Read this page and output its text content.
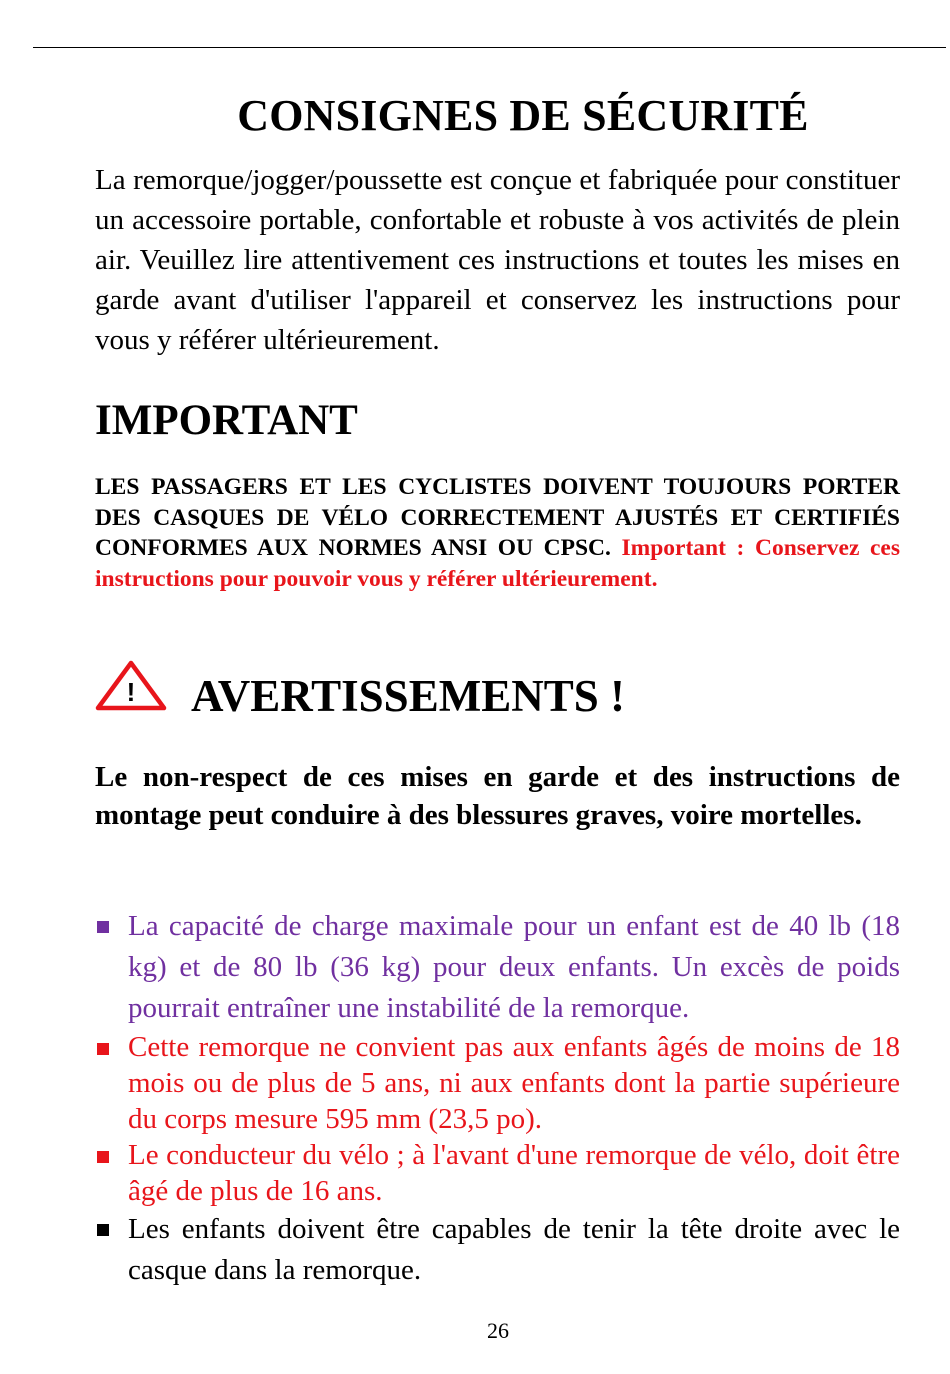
CONSIGNES DE SÉCURITÉ
La remorque/jogger/poussette est conçue et fabriquée pour constituer un accessoire portable, confortable et robuste à vos activités de plein air. Veuillez lire attentivement ces instructions et toutes les mises en garde avant d'utiliser l'appareil et conservez les instructions pour vous y référer ultérieurement.
IMPORTANT
LES PASSAGERS ET LES CYCLISTES DOIVENT TOUJOURS PORTER DES CASQUES DE VÉLO CORRECTEMENT AJUSTÉS ET CERTIFIÉS CONFORMES AUX NORMES ANSI OU CPSC. Important : Conservez ces instructions pour pouvoir vous y référer ultérieurement.
! AVERTISSEMENTS !
Le non-respect de ces mises en garde et des instructions de montage peut conduire à des blessures graves, voire mortelles.
La capacité de charge maximale pour un enfant est de 40 lb (18 kg) et de 80 lb (36 kg) pour deux enfants. Un excès de poids pourrait entraîner une instabilité de la remorque.
Cette remorque ne convient pas aux enfants âgés de moins de 18 mois ou de plus de 5 ans, ni aux enfants dont la partie supérieure du corps mesure 595 mm (23,5 po).
Le conducteur du vélo ; à l'avant d'une remorque de vélo, doit être âgé de plus de 16 ans.
Les enfants doivent être capables de tenir la tête droite avec le casque dans la remorque.
26
